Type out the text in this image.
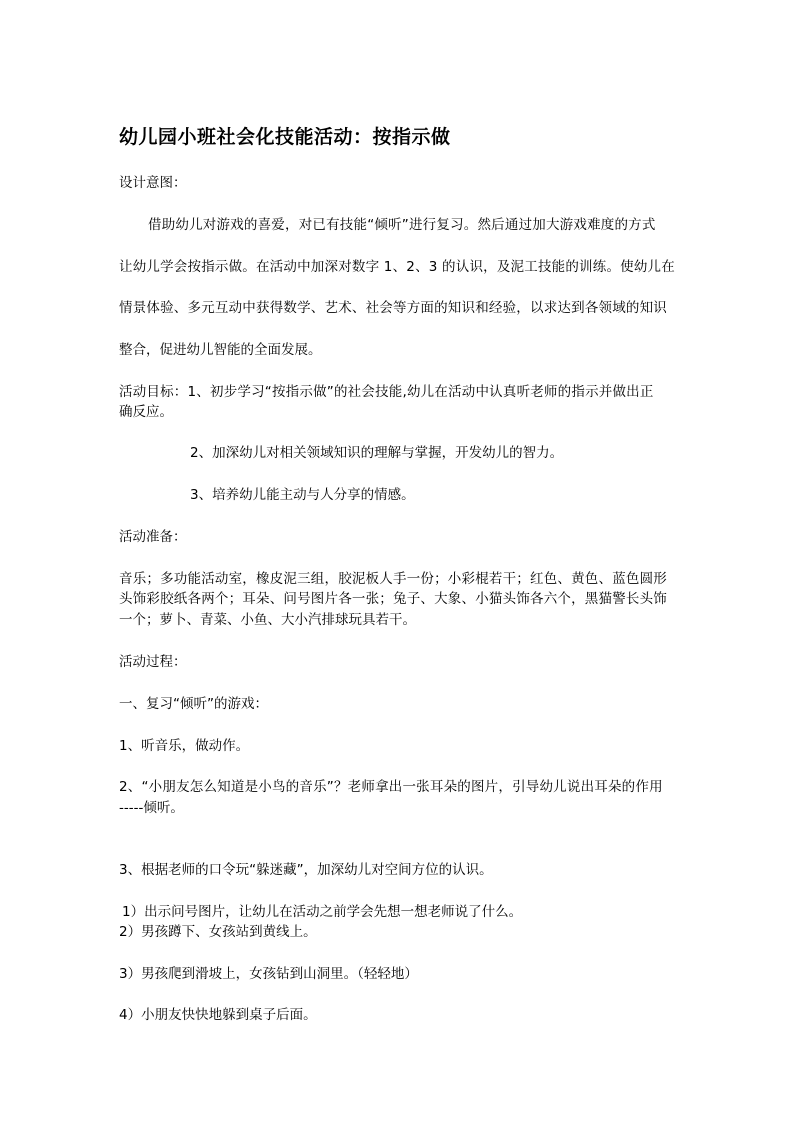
幼儿园小班社会化技能活动：按指示做
设计意图：
借助幼儿对游戏的喜爱，对已有技能“倾听”进行复习。然后通过加大游戏难度的方式
让幼儿学会按指示做。在活动中加深对数字 1、2、3 的认识，及泥工技能的训练。使幼儿在
情景体验、多元互动中获得数学、艺术、社会等方面的知识和经验，以求达到各领域的知识
整合，促进幼儿智能的全面发展。
活动目标：1、初步学习“按指示做”的社会技能,幼儿在活动中认真听老师的指示并做出正
确反应。
2、加深幼儿对相关领域知识的理解与掌握，开发幼儿的智力。
3、培养幼儿能主动与人分享的情感。
活动准备：
音乐；多功能活动室，橡皮泥三组，胶泥板人手一份；小彩棍若干；红色、黄色、蓝色圆形
头饰彩胶纸各两个；耳朵、问号图片各一张；兔子、大象、小猫头饰各六个，黑猫警长头饰
一个；萝卜、青菜、小鱼、大小汽排球玩具若干。
活动过程：
一、复习“倾听”的游戏：
1、听音乐，做动作。
2、“小朋友怎么知道是小鸟的音乐”？老师拿出一张耳朵的图片，引导幼儿说出耳朵的作用
-----倾听。
3、根据老师的口令玩“躲迷藏”，加深幼儿对空间方位的认识。
1）出示问号图片，让幼儿在活动之前学会先想一想老师说了什么。
2）男孩蹲下、女孩站到黄线上。
3）男孩爬到滑坡上，女孩钻到山洞里。（轻轻地）
4）小朋友快快地躲到桌子后面。
